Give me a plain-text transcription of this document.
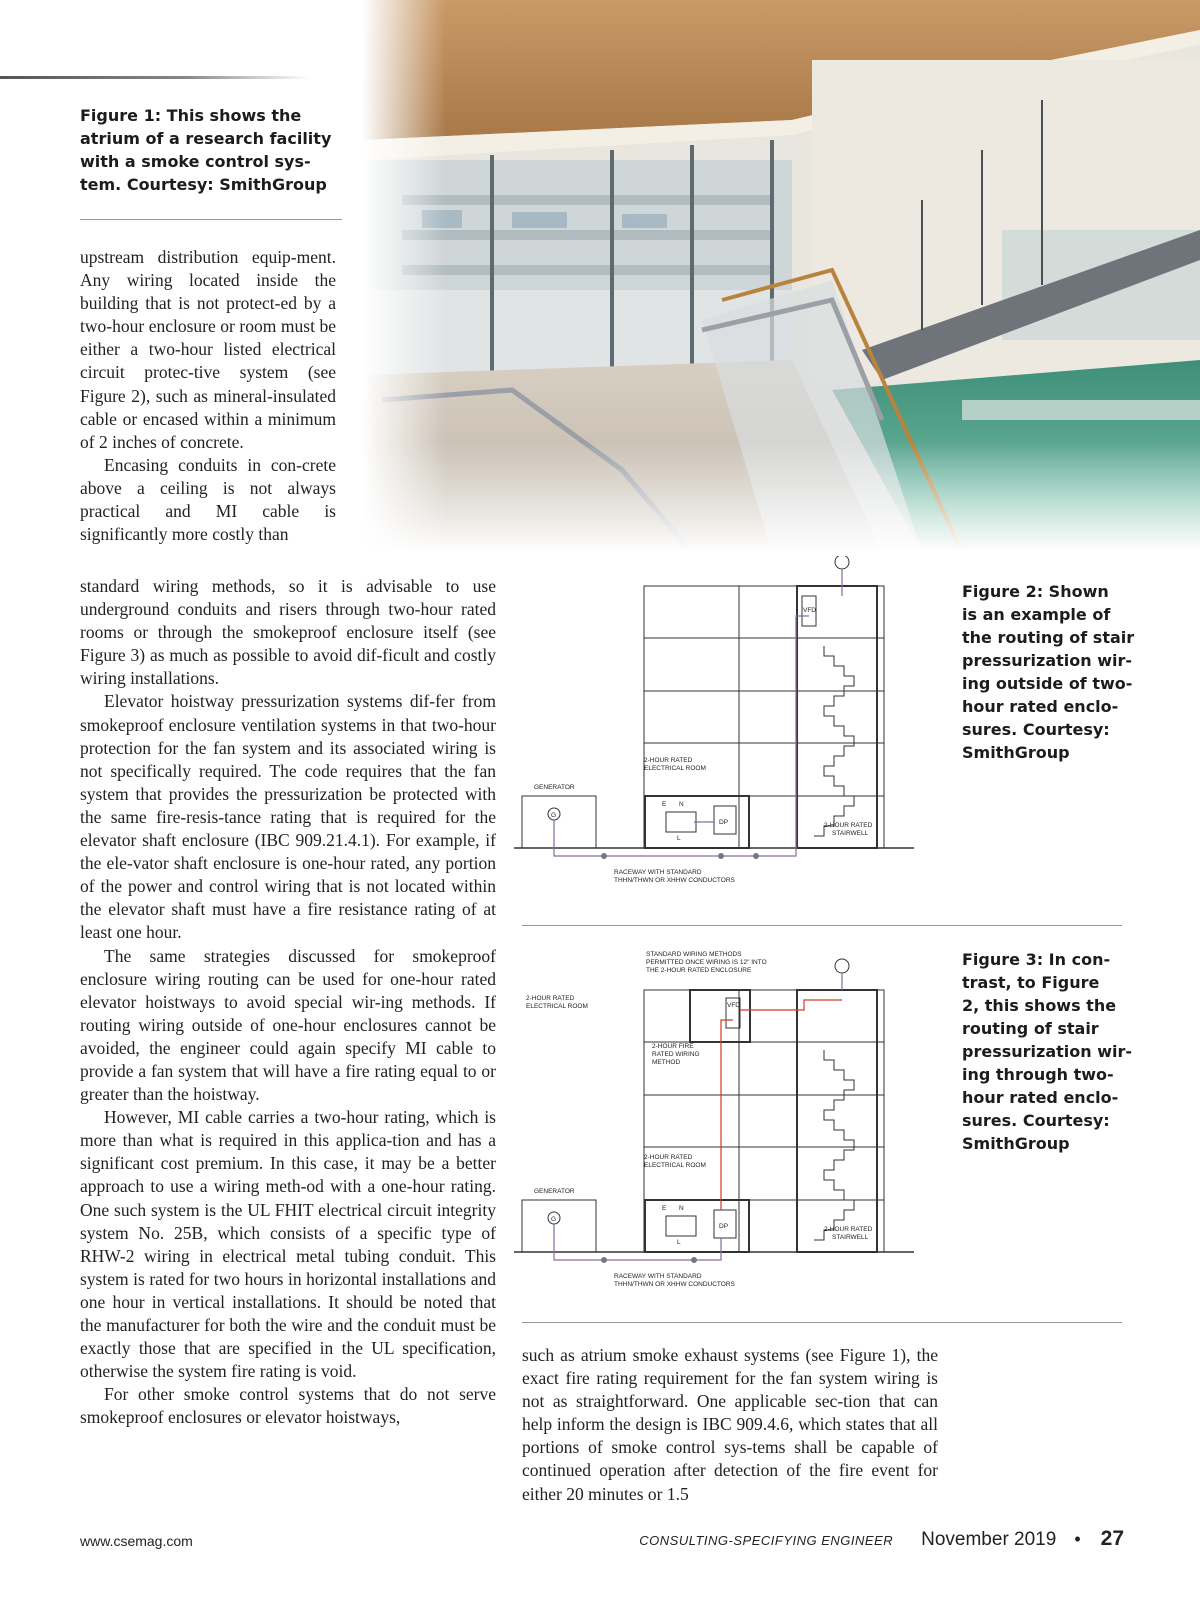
Figure 1: This shows the
atrium of a research facility
with a smoke control sys-
tem. Courtesy: SmithGroup

upstream distribution equip-ment. Any wiring located inside the building that is not protect-ed by a two-hour enclosure or room must be either a two-hour listed electrical circuit protec-tive system (see Figure 2), such as mineral-insulated cable or encased within a minimum of 2 inches of concrete.

Encasing conduits in con-crete above a ceiling is not always practical and MI cable is significantly more costly than

standard wiring methods, so it is advisable to use underground conduits and risers through two-hour rated rooms or through the smokeproof enclosure itself (see Figure 3) as much as possible to avoid dif-ficult and costly wiring installations.

Elevator hoistway pressurization systems dif-fer from smokeproof enclosure ventilation systems in that two-hour protection for the fan system and its associated wiring is not specifically required. The code requires that the fan system that provides the pressurization be protected with the same fire-resis-tance rating that is required for the elevator shaft enclosure (IBC 909.21.4.1). For example, if the ele-vator shaft enclosure is one-hour rated, any portion of the power and control wiring that is not located within the elevator shaft must have a fire resistance rating of at least one hour.

The same strategies discussed for smokeproof enclosure wiring routing can be used for one-hour rated elevator hoistways to avoid special wir-ing methods. If routing wiring outside of one-hour enclosures cannot be avoided, the engineer could again specify MI cable to provide a fan system that will have a fire rating equal to or greater than the hoistway.

However, MI cable carries a two-hour rating, which is more than what is required in this applica-tion and has a significant cost premium. In this case, it may be a better approach to use a wiring meth-od with a one-hour rating. One such system is the UL FHIT electrical circuit integrity system No. 25B, which consists of a specific type of RHW-2 wiring in electrical metal tubing conduit. This system is rated for two hours in horizontal installations and one hour in vertical installations. It should be noted that the manufacturer for both the wire and the conduit must be exactly those that are specified in the UL specification, otherwise the system fire rating is void.

For other smoke control systems that do not serve smokeproof enclosures or elevator hoistways,

GENERATOR
G
2-HOUR RATED
ELECTRICAL ROOM
E N
L
DP
VFD
2-HOUR RATED
STAIRWELL
RACEWAY WITH STANDARD
THHN/THWN OR XHHW CONDUCTORS
Figure 2: Shown
is an example of
the routing of stair
pressurization wir-
ing outside of two-
hour rated enclo-
sures. Courtesy:
SmithGroup
STANDARD WIRING METHODS
PERMITTED ONCE WIRING IS 12" INTO
THE 2-HOUR RATED ENCLOSURE
2-HOUR RATED
ELECTRICAL ROOM	VFD
2-HOUR FIRE
RATED WIRING
METHOD
2-HOUR RATED
ELECTRICAL ROOM
GENERATOR
G
E N
L
DP	2-HOUR RATED
STAIRWELL
RACEWAY WITH STANDARD
THHN/THWN OR XHHW CONDUCTORS
Figure 3: In con-
trast, to Figure
2, this shows the
routing of stair
pressurization wir-
ing through two-
hour rated enclo-
sures. Courtesy:
SmithGroup

such as atrium smoke exhaust systems (see Figure 1), the exact fire rating requirement for the fan system wiring is not as straightforward. One applicable sec-tion that can help inform the design is IBC 909.4.6, which states that all portions of smoke control sys-tems shall be capable of continued operation after detection of the fire event for either 20 minutes or 1.5

www.csemag.com	CONSULTING-SPECIFYING ENGINEER November 2019 • 27
